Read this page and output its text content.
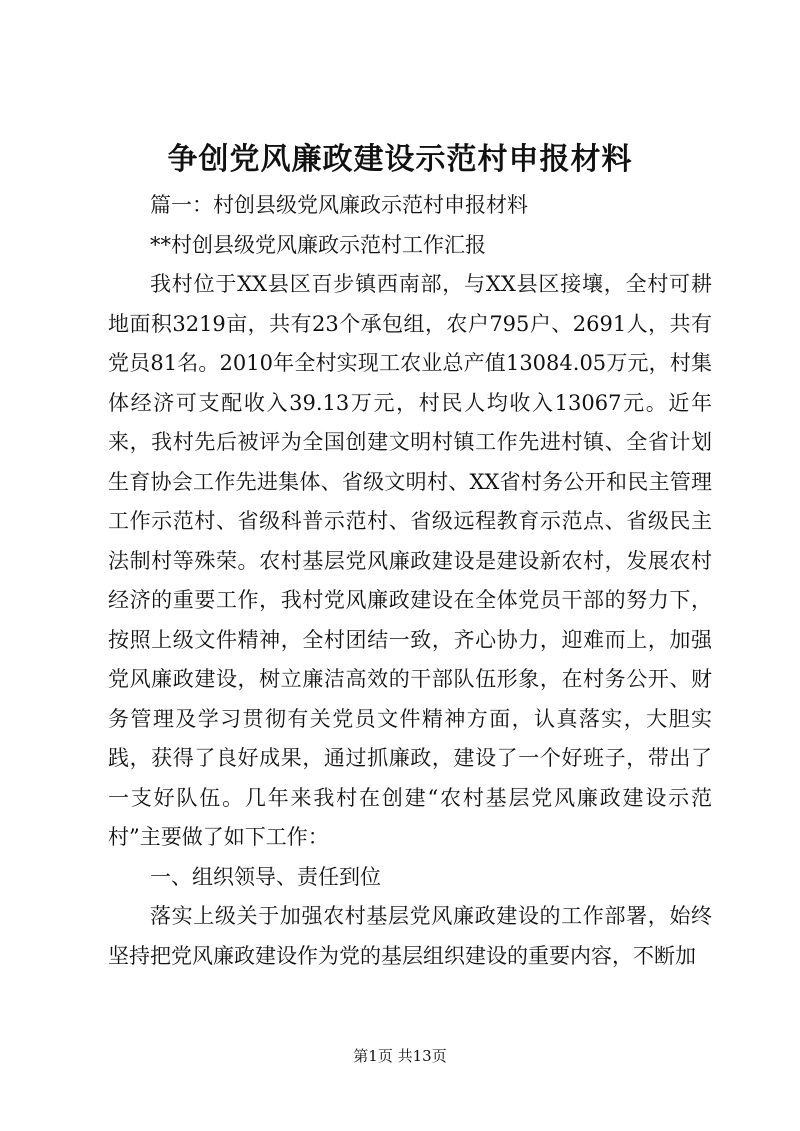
争创党风廉政建设示范村申报材料

篇一：村创县级党风廉政示范村申报材料

**村创县级党风廉政示范村工作汇报

我村位于XX县区百步镇西南部，与XX县区接壤，全村可耕地面积3219亩，共有23个承包组，农户795户、2691人，共有党员81名。2010年全村实现工农业总产值13084.05万元，村集体经济可支配收入39.13万元，村民人均收入13067元。近年来，我村先后被评为全国创建文明村镇工作先进村镇、全省计划生育协会工作先进集体、省级文明村、XX省村务公开和民主管理工作示范村、省级科普示范村、省级远程教育示范点、省级民主法制村等殊荣。农村基层党风廉政建设是建设新农村，发展农村经济的重要工作，我村党风廉政建设在全体党员干部的努力下，按照上级文件精神，全村团结一致，齐心协力，迎难而上，加强党风廉政建设，树立廉洁高效的干部队伍形象，在村务公开、财务管理及学习贯彻有关党员文件精神方面，认真落实，大胆实践，获得了良好成果，通过抓廉政，建设了一个好班子，带出了一支好队伍。几年来我村在创建“农村基层党风廉政建设示范村”主要做了如下工作：

一、组织领导、责任到位

落实上级关于加强农村基层党风廉政建设的工作部署，始终坚持把党风廉政建设作为党的基层组织建设的重要内容，不断加

第1页 共13页
